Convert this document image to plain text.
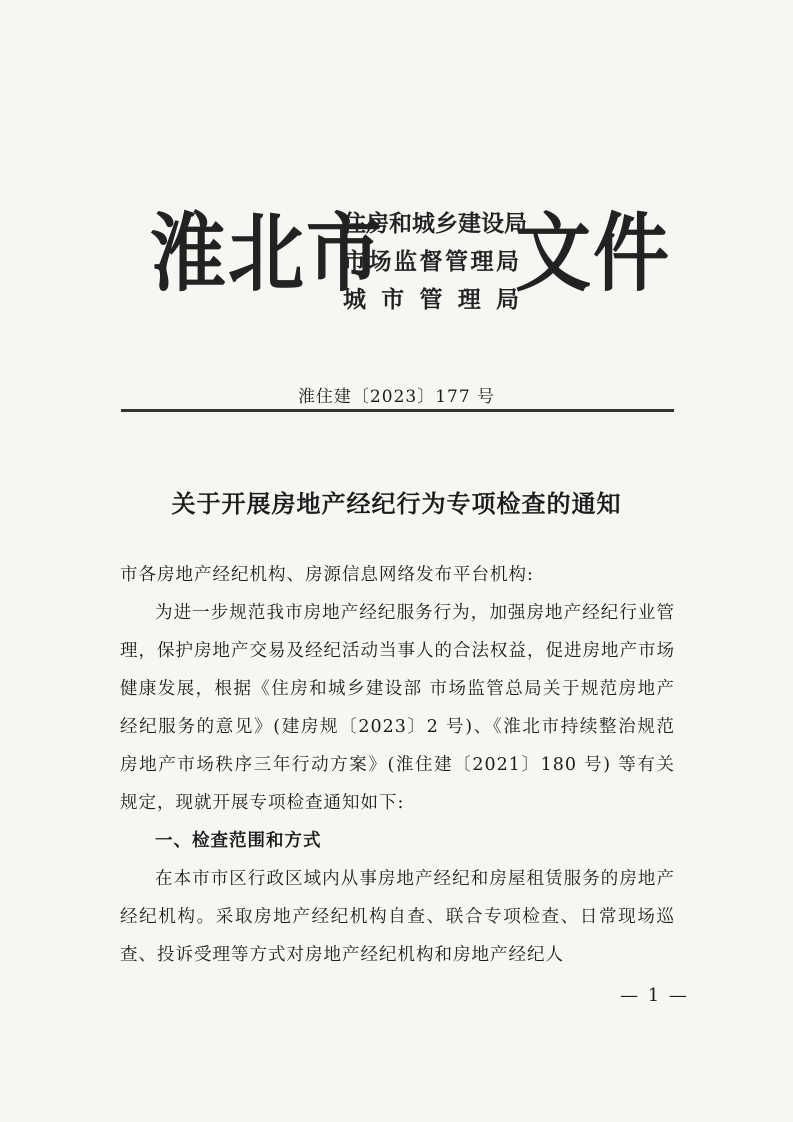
淮北市
住房和城乡建设局
市场监督管理局
城市管理局
文件
淮住建〔2023〕177 号
关于开展房地产经纪行为专项检查的通知

市各房地产经纪机构、房源信息网络发布平台机构:

为进一步规范我市房地产经纪服务行为，加强房地产经纪行业管理，保护房地产交易及经纪活动当事人的合法权益，促进房地产市场健康发展，根据《住房和城乡建设部 市场监管总局关于规范房地产经纪服务的意见》(建房规〔2023〕2 号)、《淮北市持续整治规范房地产市场秩序三年行动方案》(淮住建〔2021〕180 号) 等有关规定，现就开展专项检查通知如下:

一、检查范围和方式

在本市市区行政区域内从事房地产经纪和房屋租赁服务的房地产经纪机构。采取房地产经纪机构自查、联合专项检查、日常现场巡查、投诉受理等方式对房地产经纪机构和房地产经纪人

— 1 —
